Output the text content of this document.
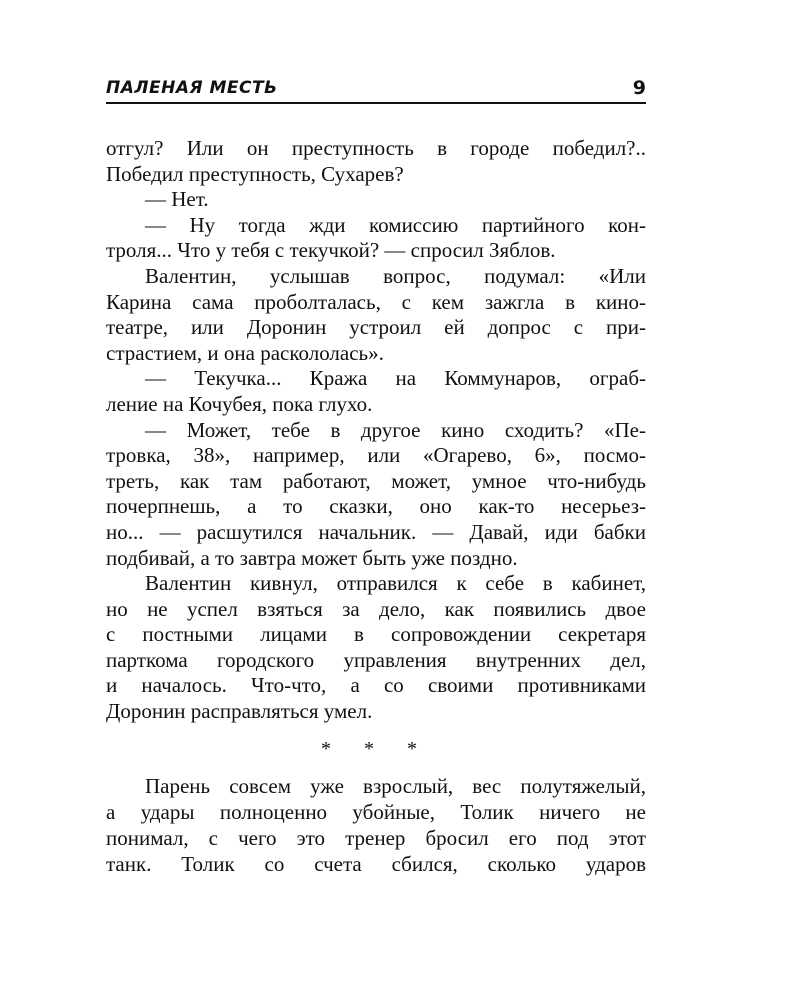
ПАЛЕНАЯ МЕСТЬ	9
отгул? Или он преступность в городе победил?..
Победил преступность, Сухарев?
— Нет.
— Ну тогда жди комиссию партийного кон-
троля... Что у тебя с текучкой? — спросил Зяблов.
Валентин, услышав вопрос, подумал: «Или
Карина сама проболталась, с кем зажгла в кино-
театре, или Доронин устроил ей допрос с при-
страстием, и она раскололась».
— Текучка... Кража на Коммунаров, ограб-
ление на Кочубея, пока глухо.
— Может, тебе в другое кино сходить? «Пе-
тровка, 38», например, или «Огарево, 6», посмо-
треть, как там работают, может, умное что-нибудь
почерпнешь, а то сказки, оно как-то несерьез-
но... — расшутился начальник. — Давай, иди бабки
подбивай, а то завтра может быть уже поздно.
Валентин кивнул, отправился к себе в кабинет,
но не успел взяться за дело, как появились двое
с постными лицами в сопровождении секретаря
парткома городского управления внутренних дел,
и началось. Что-что, а со своими противниками
Доронин расправляться умел.
* * *
Парень совсем уже взрослый, вес полутяжелый,
а удары полноценно убойные, Толик ничего не
понимал, с чего это тренер бросил его под этот
танк. Толик со счета сбился, сколько ударов
